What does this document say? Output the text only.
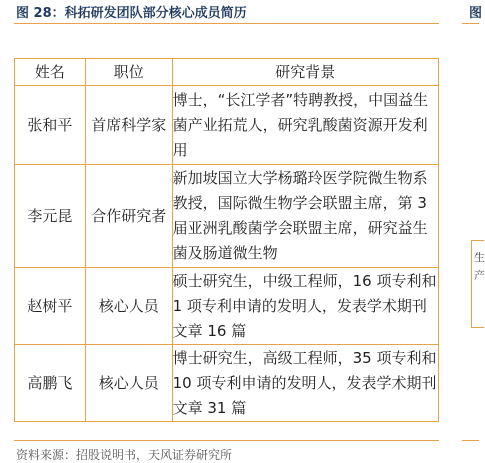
图 28：科拓研发团队部分核心成员简历	图
生
产
姓名	职位	研究背景
张和平	首席科学家	博士，“长江学者”特聘教授，中国益生菌产业拓荒人，研究乳酸菌资源开发利用
李元昆	合作研究者	新加坡国立大学杨璐玲医学院微生物系教授，国际微生物学会联盟主席，第 3 届亚洲乳酸菌学会联盟主席，研究益生菌及肠道微生物
赵树平	核心人员	硕士研究生，中级工程师，16 项专利和 1 项专利申请的发明人，发表学术期刊文章 16 篇
高鹏飞	核心人员	博士研究生，高级工程师，35 项专利和 10 项专利申请的发明人，发表学术期刊文章 31 篇
资料来源：招股说明书，天风证券研究所
